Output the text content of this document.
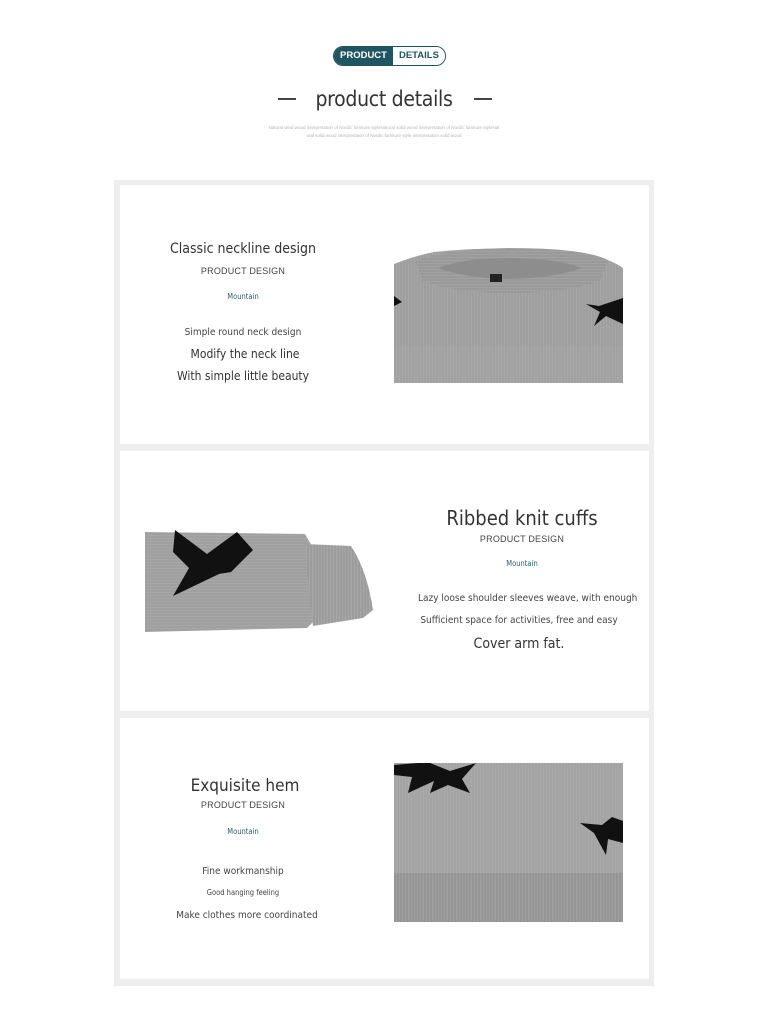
PRODUCT	DETAILS
product details
Natural wind wood interpretation of Nordic furniture styleNatural solid wood interpretation of Nordic furniture styleNat
ural solid wood interpretation of Nordic furniture style interpretation solid wood
Classic neckline design
PRODUCT DESIGN
Mountain
Simple round neck design
Modify the neck line
With simple little beauty
Ribbed knit cuffs
PRODUCT DESIGN
Mountain
Lazy loose shoulder sleeves weave, with enough
Sufficient space for activities, free and easy
Cover arm fat.
Exquisite hem
PRODUCT DESIGN
Mountain
Fine workmanship
Good hanging feeling
Make clothes more coordinated
